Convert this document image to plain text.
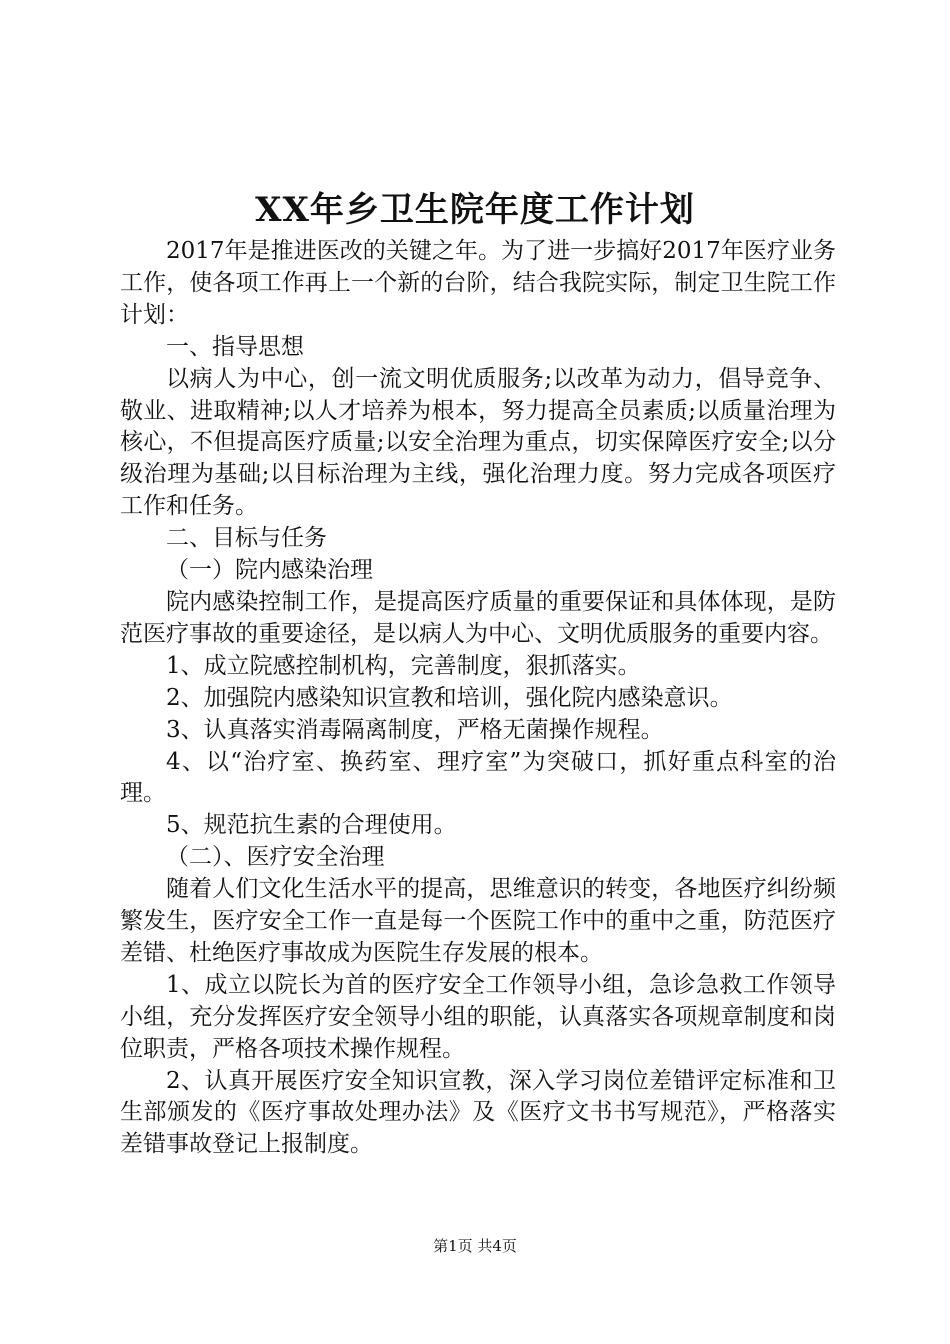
XX年乡卫生院年度工作计划

2017年是推进医改的关键之年。为了进一步搞好2017年医疗业务工作，使各项工作再上一个新的台阶，结合我院实际，制定卫生院工作计划：

一、指导思想

以病人为中心，创一流文明优质服务;以改革为动力，倡导竞争、敬业、进取精神;以人才培养为根本，努力提高全员素质;以质量治理为核心，不但提高医疗质量;以安全治理为重点，切实保障医疗安全;以分级治理为基础;以目标治理为主线，强化治理力度。努力完成各项医疗工作和任务。

二、目标与任务

（一）院内感染治理

院内感染控制工作，是提高医疗质量的重要保证和具体体现，是防范医疗事故的重要途径，是以病人为中心、文明优质服务的重要内容。

1、成立院感控制机构，完善制度，狠抓落实。

2、加强院内感染知识宣教和培训，强化院内感染意识。

3、认真落实消毒隔离制度，严格无菌操作规程。

4、以“治疗室、换药室、理疗室”为突破口，抓好重点科室的治理。

5、规范抗生素的合理使用。

（二）、医疗安全治理

随着人们文化生活水平的提高，思维意识的转变，各地医疗纠纷频繁发生，医疗安全工作一直是每一个医院工作中的重中之重，防范医疗差错、杜绝医疗事故成为医院生存发展的根本。

1、成立以院长为首的医疗安全工作领导小组，急诊急救工作领导小组，充分发挥医疗安全领导小组的职能，认真落实各项规章制度和岗位职责，严格各项技术操作规程。

2、认真开展医疗安全知识宣教，深入学习岗位差错评定标准和卫生部颁发的《医疗事故处理办法》及《医疗文书书写规范》，严格落实差错事故登记上报制度。

第1页 共4页
